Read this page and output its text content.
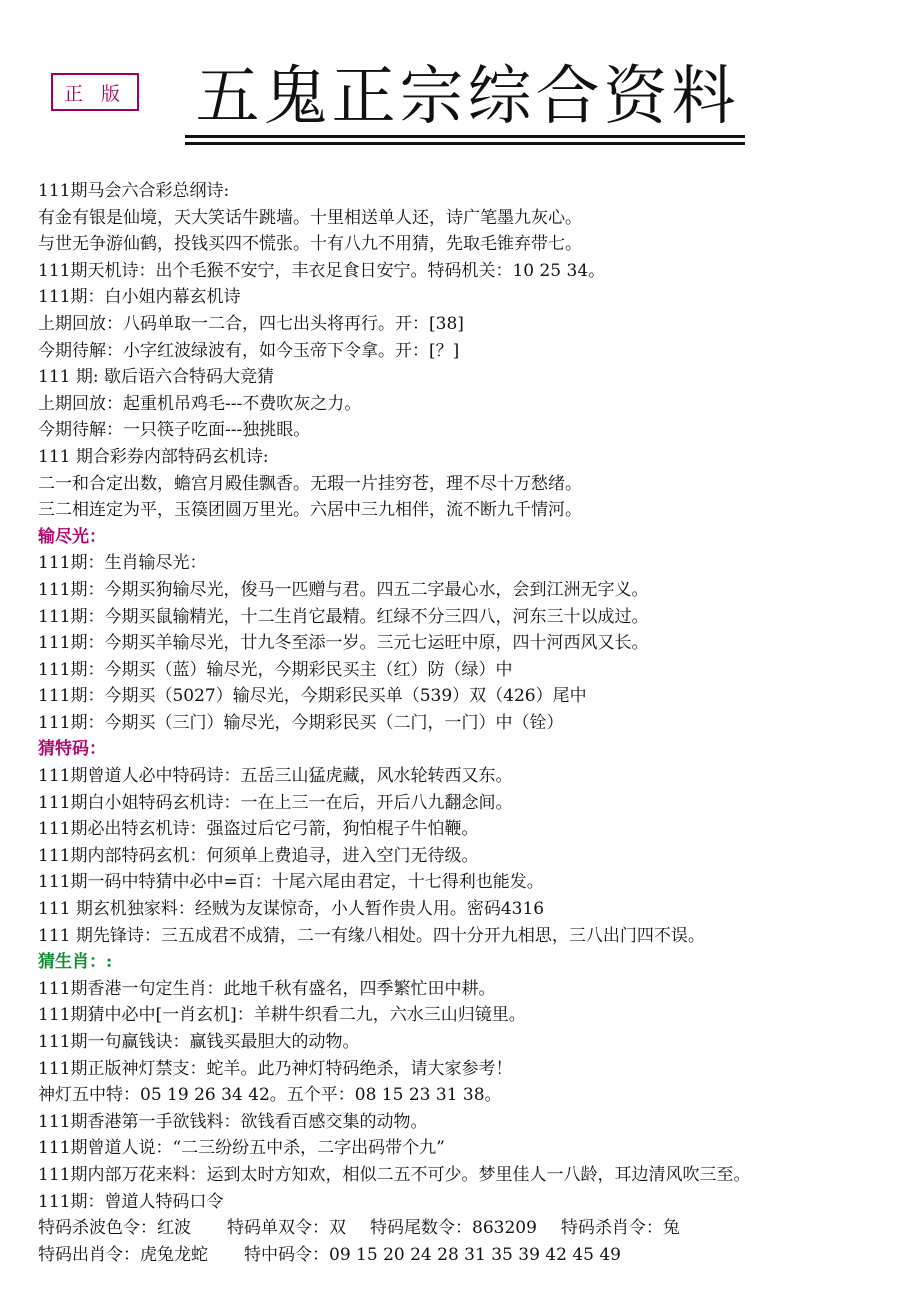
正 版 五鬼正宗综合资料
111期马会六合彩总纲诗:
有金有银是仙境，天大笑话牛跳墙。十里相送单人还，诗广笔墨九灰心。
与世无争游仙鹤，投钱买四不慌张。十有八九不用猜，先取毛锥弃带七。
111期天机诗：出个毛猴不安宁，丰衣足食日安宁。特码机关：10 25 34。
111期：白小姐内幕玄机诗
上期回放：八码单取一二合，四七出头将再行。开：[38]
今期待解：小字红波绿波有，如今玉帝下令拿。开：[？]
111 期: 歇后语六合特码大竞猜
上期回放：起重机吊鸡毛---不费吹灰之力。
今期待解：一只筷子吃面---独挑眼。
111 期合彩券内部特码玄机诗:
二一和合定出数，蟾宫月殿佳飘香。无瑕一片挂穷苍，理不尽十万愁绪。
三二相连定为平，玉篌团圆万里光。六居中三九相伴，流不断九千情河。
输尽光：
111期：生肖输尽光：
111期：今期买狗输尽光，俊马一匹赠与君。四五二字最心水，会到江洲无字义。
111期：今期买鼠输精光，十二生肖它最精。红绿不分三四八，河东三十以成过。
111期：今期买羊输尽光，廿九冬至添一岁。三元七运旺中原，四十河西风又长。
111期：今期买（蓝）输尽光，今期彩民买主（红）防（绿）中
111期：今期买（5027）输尽光，今期彩民买单（539）双（426）尾中
111期：今期买（三门）输尽光，今期彩民买（二门，一门）中（铨）
猜特码：
111期曾道人必中特码诗：五岳三山猛虎藏，风水轮转西又东。
111期白小姐特码玄机诗：一在上三一在后，开后八九翻念间。
111期必出特玄机诗：强盗过后它弓箭，狗怕棍子牛怕鞭。
111期内部特码玄机：何须单上费追寻，进入空门无待级。
111期一码中特猜中必中=百：十尾六尾由君定，十七得利也能发。
111 期玄机独家料：经贼为友谋惊奇，小人暂作贵人用。密码4316
111 期先锋诗：三五成君不成猜，二一有缘八相处。四十分开九相思，三八出门四不误。
猜生肖：:
111期香港一句定生肖：此地千秋有盛名，四季繁忙田中耕。
111期猜中必中[一肖玄机]：羊耕牛织看二九，六水三山归镜里。
111期一句赢钱诀：赢钱买最胆大的动物。
111期正版神灯禁支：蛇羊。此乃神灯特码绝杀，请大家参考！
神灯五中特：05 19 26 34 42。五个平：08 15 23 31 38。
111期香港第一手欲钱料：欲钱看百感交集的动物。
111期曾道人说：“二三纷纷五中杀，二字出码带个九”
111期内部万花来料：运到太时方知欢，相似二五不可少。梦里佳人一八龄，耳边清风吹三至。
111期：曾道人特码口令
特码杀波色令：红波 特码单双令：双 特码尾数令：863209 特码杀肖令：兔
特码出肖令：虎兔龙蛇 特中码令：09 15 20 24 28 31 35 39 42 45 49
